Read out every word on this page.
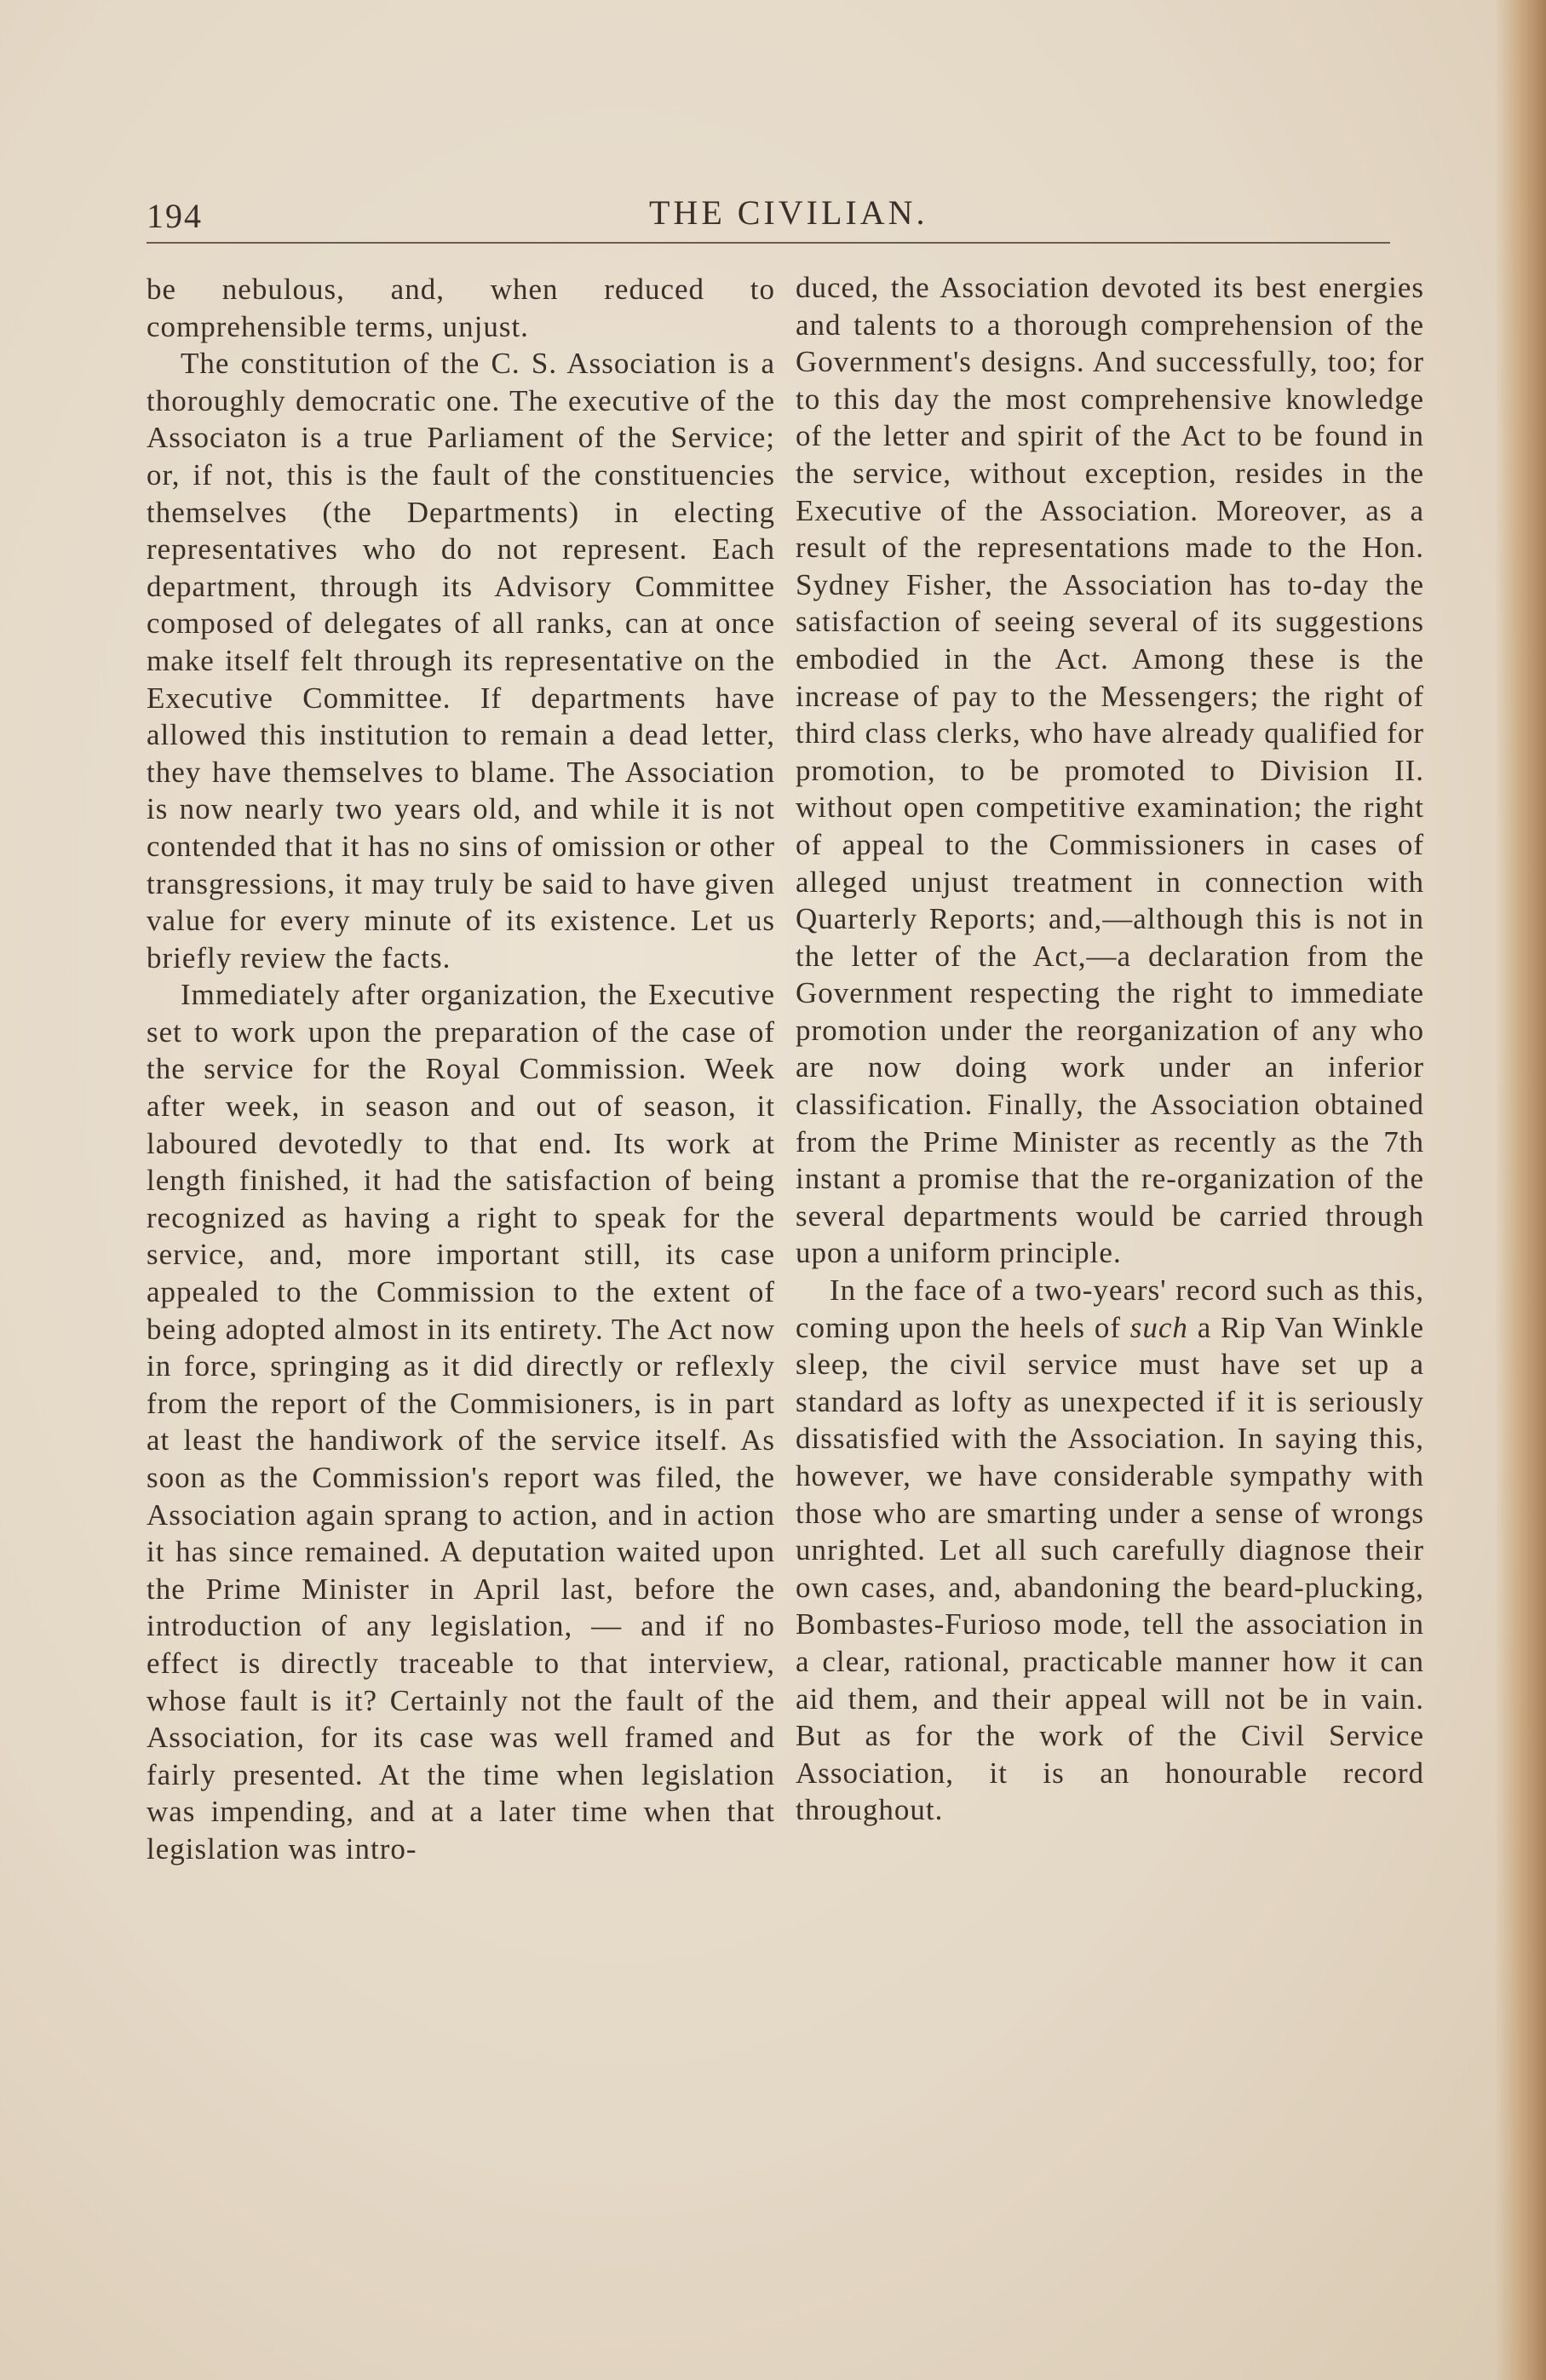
194	THE CIVILIAN.

be nebulous, and, when reduced to comprehensible terms, unjust.

The constitution of the C. S. Association is a thoroughly democratic one. The executive of the Associaton is a true Parliament of the Service; or, if not, this is the fault of the constituencies themselves (the Departments) in electing representatives who do not represent. Each department, through its Advisory Committee composed of delegates of all ranks, can at once make itself felt through its representative on the Executive Committee. If departments have allowed this institution to remain a dead letter, they have themselves to blame. The Association is now nearly two years old, and while it is not contended that it has no sins of omission or other transgressions, it may truly be said to have given value for every minute of its existence. Let us briefly review the facts.

Immediately after organization, the Executive set to work upon the preparation of the case of the service for the Royal Commission. Week after week, in season and out of season, it laboured devotedly to that end. Its work at length finished, it had the satisfaction of being recognized as having a right to speak for the service, and, more important still, its case appealed to the Commission to the extent of being adopted almost in its entirety. The Act now in force, springing as it did directly or reflexly from the report of the Commisioners, is in part at least the handiwork of the service itself. As soon as the Commission's report was filed, the Association again sprang to action, and in action it has since remained. A deputation waited upon the Prime Minister in April last, before the introduction of any legislation, — and if no effect is directly traceable to that interview, whose fault is it? Certainly not the fault of the Association, for its case was well framed and fairly presented. At the time when legislation was impending, and at a later time when that legislation was intro-

duced, the Association devoted its best energies and talents to a thorough comprehension of the Government's designs. And successfully, too; for to this day the most comprehensive knowledge of the letter and spirit of the Act to be found in the service, without exception, resides in the Executive of the Association. Moreover, as a result of the representations made to the Hon. Sydney Fisher, the Association has to-day the satisfaction of seeing several of its suggestions embodied in the Act. Among these is the increase of pay to the Messengers; the right of third class clerks, who have already qualified for promotion, to be promoted to Division II. without open competitive examination; the right of appeal to the Commissioners in cases of alleged unjust treatment in connection with Quarterly Reports; and,—although this is not in the letter of the Act,—a declaration from the Government respecting the right to immediate promotion under the reorganization of any who are now doing work under an inferior classification. Finally, the Association obtained from the Prime Minister as recently as the 7th instant a promise that the re-organization of the several departments would be carried through upon a uniform principle.

In the face of a two-years' record such as this, coming upon the heels of such a Rip Van Winkle sleep, the civil service must have set up a standard as lofty as unexpected if it is seriously dissatisfied with the Association. In saying this, however, we have considerable sympathy with those who are smarting under a sense of wrongs unrighted. Let all such carefully diagnose their own cases, and, abandoning the beard-plucking, Bombastes-Furioso mode, tell the association in a clear, rational, practicable manner how it can aid them, and their appeal will not be in vain. But as for the work of the Civil Service Association, it is an honourable record throughout.
